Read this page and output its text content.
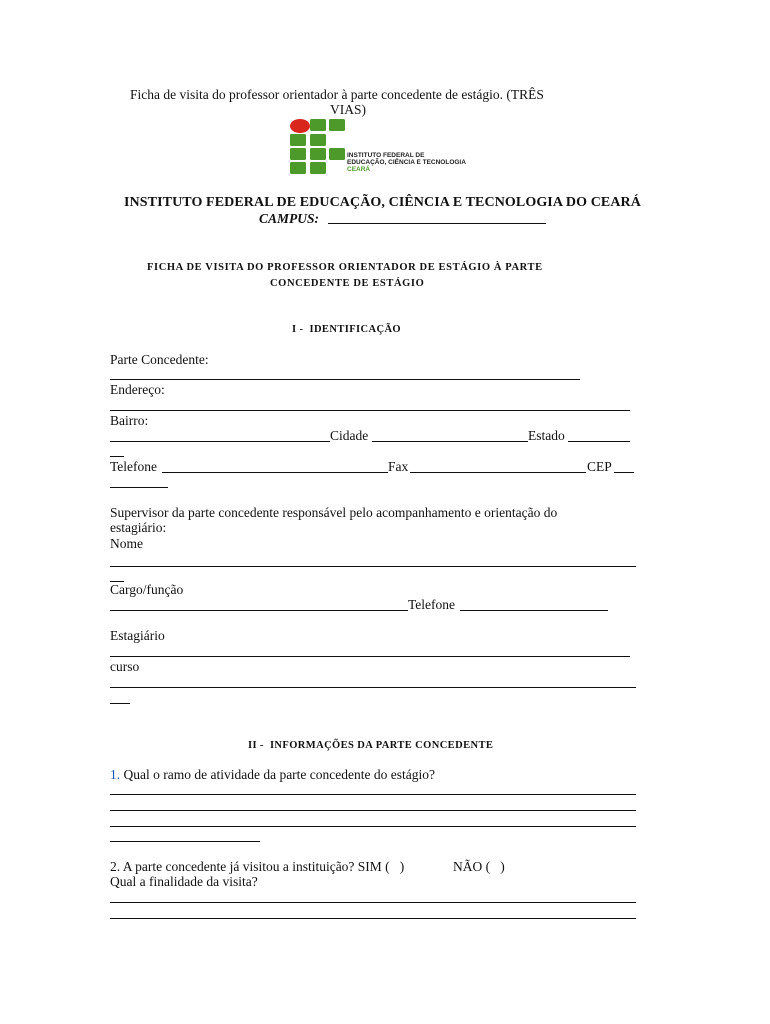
Ficha de visita do professor orientador à parte concedente de estágio. (TRÊS
VIAS)
INSTITUTO FEDERAL DE
EDUCAÇÃO, CIÊNCIA E TECNOLOGIA
CEARÁ
INSTITUTO FEDERAL DE EDUCAÇÃO, CIÊNCIA E TECNOLOGIA DO CEARÁ
CAMPUS:
FICHA DE VISITA DO PROFESSOR ORIENTADOR DE ESTÁGIO À PARTE
CONCEDENTE DE ESTÁGIO
I -  IDENTIFICAÇÃO
Parte Concedente:
Endereço:
Bairro:
Cidade	Estado
Telefone	Fax	CEP
Supervisor da parte concedente responsável pelo acompanhamento e orientação do
estagiário:
Nome
Cargo/função
Telefone
Estagiário
curso
II -  INFORMAÇÕES DA PARTE CONCEDENTE
1. Qual o ramo de atividade da parte concedente do estágio?
2. A parte concedente já visitou a instituição? SIM (   )	NÃO (   )
Qual a finalidade da visita?
